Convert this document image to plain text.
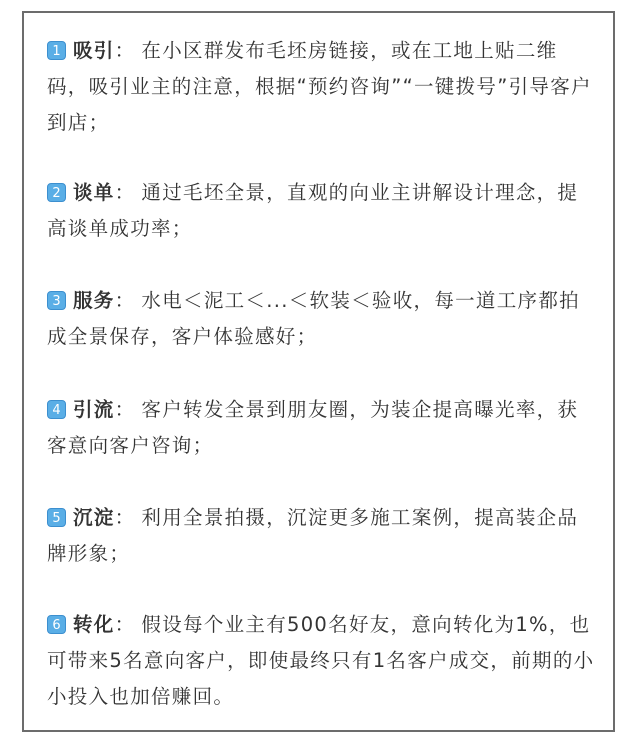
1 吸引： 在小区群发布毛坯房链接，或在工地上贴二维码，吸引业主的注意，根据“预约咨询”“一键拨号”引导客户到店；
2 谈单： 通过毛坯全景，直观的向业主讲解设计理念，提高谈单成功率；
3 服务： 水电＜泥工＜...＜软装＜验收，每一道工序都拍成全景保存，客户体验感好；
4 引流： 客户转发全景到朋友圈，为装企提高曝光率，获客意向客户咨询；
5 沉淀： 利用全景拍摄，沉淀更多施工案例，提高装企品牌形象；
6 转化： 假设每个业主有500名好友，意向转化为1%，也可带来5名意向客户，即使最终只有1名客户成交，前期的小小投入也加倍赚回。
